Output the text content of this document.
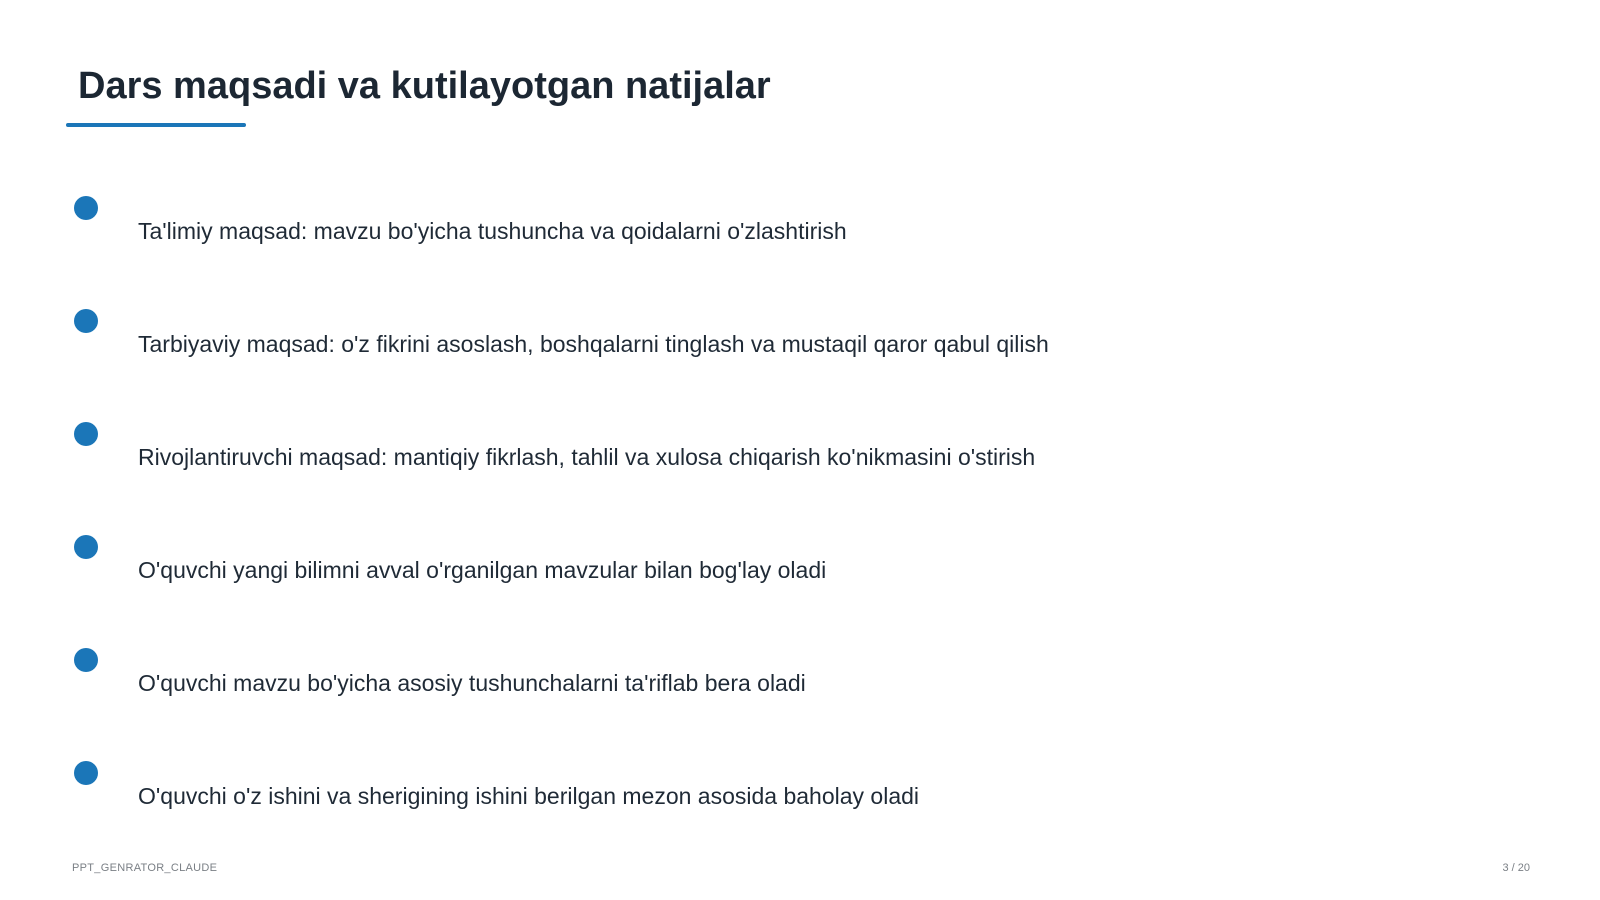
Dars maqsadi va kutilayotgan natijalar
Ta'limiy maqsad: mavzu bo'yicha tushuncha va qoidalarni o'zlashtirish
Tarbiyaviy maqsad: o'z fikrini asoslash, boshqalarni tinglash va mustaqil qaror qabul qilish
Rivojlantiruvchi maqsad: mantiqiy fikrlash, tahlil va xulosa chiqarish ko'nikmasini o'stirish
O'quvchi yangi bilimni avval o'rganilgan mavzular bilan bog'lay oladi
O'quvchi mavzu bo'yicha asosiy tushunchalarni ta'riflab bera oladi
O'quvchi o'z ishini va sherigining ishini berilgan mezon asosida baholay oladi
PPT_GENRATOR_CLAUDE	3 / 20
